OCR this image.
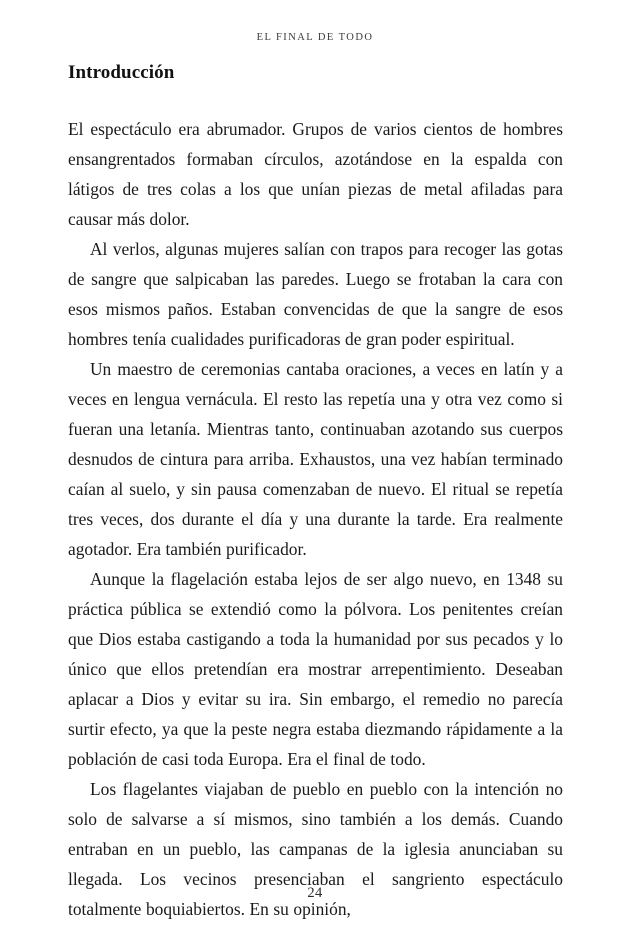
EL FINAL DE TODO
Introducción

El espectáculo era abrumador. Grupos de varios cientos de hombres ensangrentados formaban círculos, azotándose en la espalda con látigos de tres colas a los que unían piezas de metal afiladas para causar más dolor.

Al verlos, algunas mujeres salían con trapos para recoger las gotas de sangre que salpicaban las paredes. Luego se frotaban la cara con esos mismos paños. Estaban convencidas de que la sangre de esos hombres tenía cualidades purificadoras de gran poder espiritual.

Un maestro de ceremonias cantaba oraciones, a veces en latín y a veces en lengua vernácula. El resto las repetía una y otra vez como si fueran una letanía. Mientras tanto, continuaban azotando sus cuerpos desnudos de cintura para arriba. Exhaustos, una vez habían terminado caían al suelo, y sin pausa comenzaban de nuevo. El ritual se repetía tres veces, dos durante el día y una durante la tarde. Era realmente agotador. Era también purificador.

Aunque la flagelación estaba lejos de ser algo nuevo, en 1348 su práctica pública se extendió como la pólvora. Los penitentes creían que Dios estaba castigando a toda la humanidad por sus pecados y lo único que ellos pretendían era mostrar arrepentimiento. Deseaban aplacar a Dios y evitar su ira. Sin embargo, el remedio no parecía surtir efecto, ya que la peste negra estaba diezmando rápidamente a la población de casi toda Europa. Era el final de todo.

Los flagelantes viajaban de pueblo en pueblo con la intención no solo de salvarse a sí mismos, sino también a los demás. Cuando entraban en un pueblo, las campanas de la iglesia anunciaban su llegada. Los vecinos presenciaban el sangriento espectáculo totalmente boquiabiertos. En su opinión,

24
